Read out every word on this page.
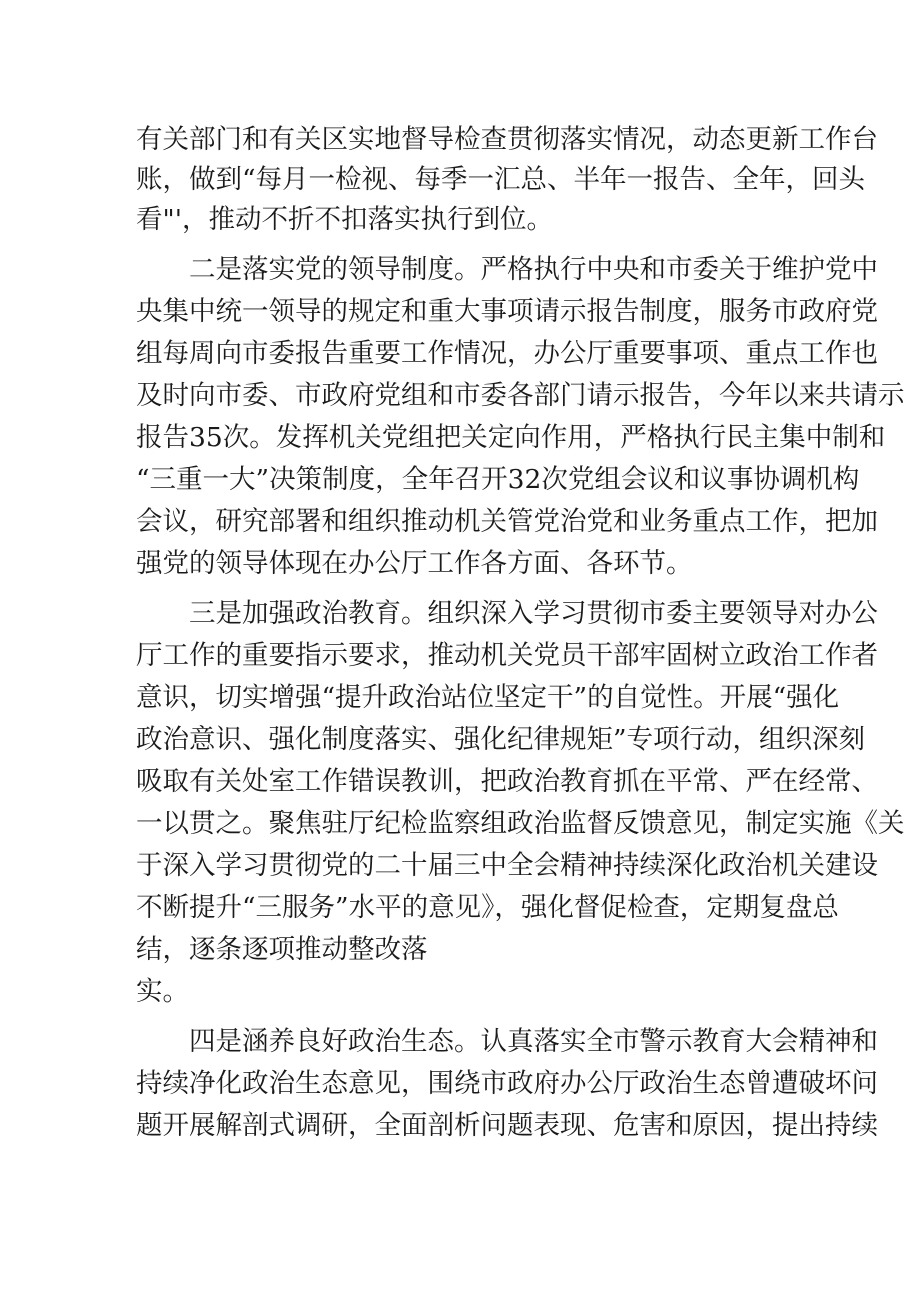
有关部门和有关区实地督导检查贯彻落实情况，动态更新工作台
账，做到“每月一检视、每季一汇总、半年一报告、全年，回头
看"'，推动不折不扣落实执行到位。
二是落实党的领导制度。严格执行中央和市委关于维护党中
央集中统一领导的规定和重大事项请示报告制度，服务市政府党
组每周向市委报告重要工作情况，办公厅重要事项、重点工作也
及时向市委、市政府党组和市委各部门请示报告，今年以来共请示
报告35次。发挥机关党组把关定向作用，严格执行民主集中制和
“三重一大”决策制度，全年召开32次党组会议和议事协调机构
会议，研究部署和组织推动机关管党治党和业务重点工作，把加
强党的领导体现在办公厅工作各方面、各环节。
三是加强政治教育。组织深入学习贯彻市委主要领导对办公
厅工作的重要指示要求，推动机关党员干部牢固树立政治工作者
意识，切实增强“提升政治站位坚定干”的自觉性。开展“强化
政治意识、强化制度落实、强化纪律规矩”专项行动，组织深刻
吸取有关处室工作错误教训，把政治教育抓在平常、严在经常、
一以贯之。聚焦驻厅纪检监察组政治监督反馈意见，制定实施《关
于深入学习贯彻党的二十届三中全会精神持续深化政治机关建设
不断提升“三服务”水平的意见》，强化督促检查，定期复盘总
结，逐条逐项推动整改落
实。
四是涵养良好政治生态。认真落实全市警示教育大会精神和
持续净化政治生态意见，围绕市政府办公厅政治生态曾遭破坏问
题开展解剖式调研，全面剖析问题表现、危害和原因，提出持续
